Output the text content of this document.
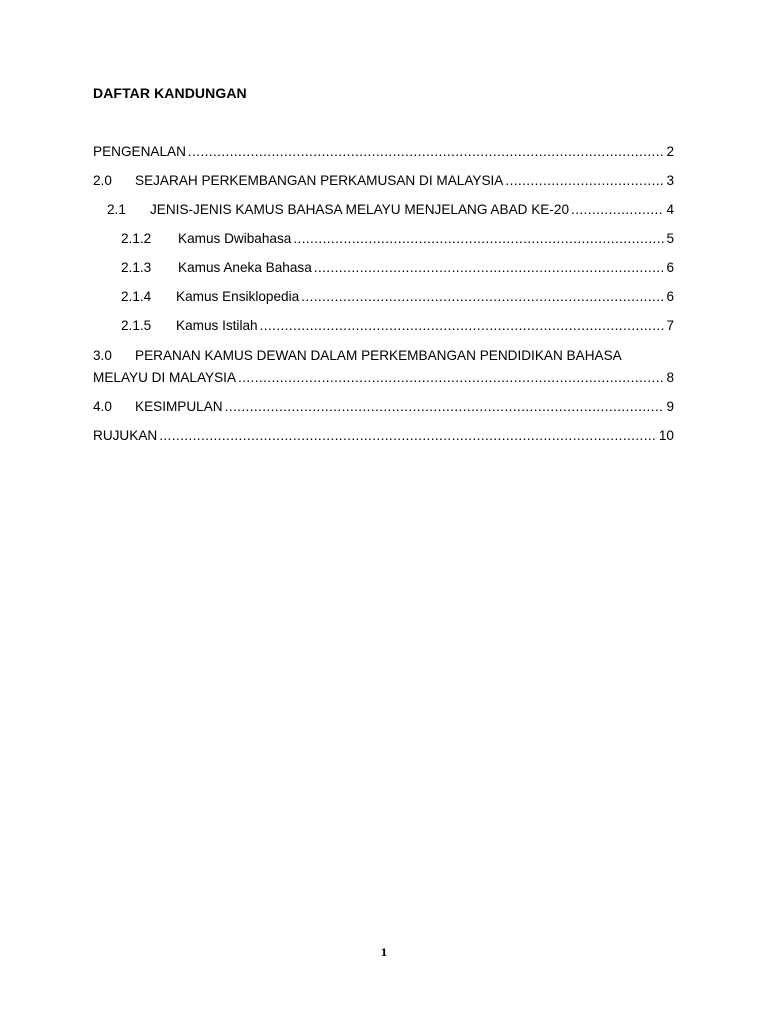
DAFTAR KANDUNGAN
PENGENALAN .....	2
2.0	SEJARAH PERKEMBANGAN PERKAMUSAN DI MALAYSIA .....	3
2.1	JENIS-JENIS KAMUS BAHASA MELAYU MENJELANG ABAD KE-20 .....	4
2.1.2	Kamus Dwibahasa .....	5
2.1.3	Kamus Aneka Bahasa .....	6
2.1.4	Kamus Ensiklopedia .....	6
2.1.5	Kamus Istilah .....	7
3.0 PERANAN KAMUS DEWAN DALAM PERKEMBANGAN PENDIDIKAN BAHASA
MELAYU DI MALAYSIA .....	8
4.0	KESIMPULAN .....	9
RUJUKAN .....	10
1
